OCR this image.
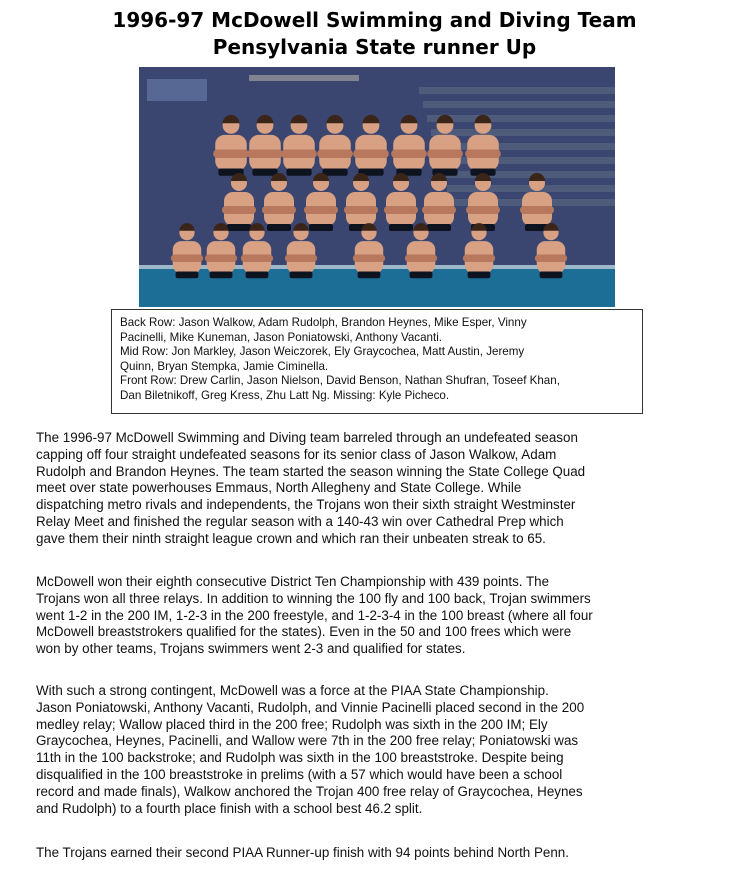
1996-97 McDowell Swimming and Diving Team
Pensylvania State runner Up

Back Row: Jason Walkow, Adam Rudolph, Brandon Heynes, Mike Esper, Vinny

Pacinelli, Mike Kuneman, Jason Poniatowski, Anthony Vacanti.

Mid Row: Jon Markley, Jason Weiczorek, Ely Graycochea, Matt Austin, Jeremy

Quinn, Bryan Stempka, Jamie Ciminella.

Front Row: Drew Carlin, Jason Nielson, David Benson, Nathan Shufran, Toseef Khan,

Dan Biletnikoff, Greg Kress, Zhu Latt Ng. Missing: Kyle Picheco.

The 1996-97 McDowell Swimming and Diving team barreled through an undefeated season
capping off four straight undefeated seasons for its senior class of Jason Walkow, Adam
Rudolph and Brandon Heynes. The team started the season winning the State College Quad
meet over state powerhouses Emmaus, North Allegheny and State College. While
dispatching metro rivals and independents, the Trojans won their sixth straight Westminster
Relay Meet and finished the regular season with a 140-43 win over Cathedral Prep which
gave them their ninth straight league crown and which ran their unbeaten streak to 65.
McDowell won their eighth consecutive District Ten Championship with 439 points. The
Trojans won all three relays. In addition to winning the 100 fly and 100 back, Trojan swimmers
went 1-2 in the 200 IM, 1-2-3 in the 200 freestyle, and 1-2-3-4 in the 100 breast (where all four
McDowell breaststrokers qualified for the states). Even in the 50 and 100 frees which were
won by other teams, Trojans swimmers went 2-3 and qualified for states.
With such a strong contingent, McDowell was a force at the PIAA State Championship.
Jason Poniatowski, Anthony Vacanti, Rudolph, and Vinnie Pacinelli placed second in the 200
medley relay; Wallow placed third in the 200 free; Rudolph was sixth in the 200 IM; Ely
Graycochea, Heynes, Pacinelli, and Wallow were 7th in the 200 free relay; Poniatowski was
11th in the 100 backstroke; and Rudolph was sixth in the 100 breaststroke. Despite being
disqualified in the 100 breaststroke in prelims (with a 57 which would have been a school
record and made finals), Walkow anchored the Trojan 400 free relay of Graycochea, Heynes
and Rudolph) to a fourth place finish with a school best 46.2 split.
The Trojans earned their second PIAA Runner-up finish with 94 points behind North Penn.
